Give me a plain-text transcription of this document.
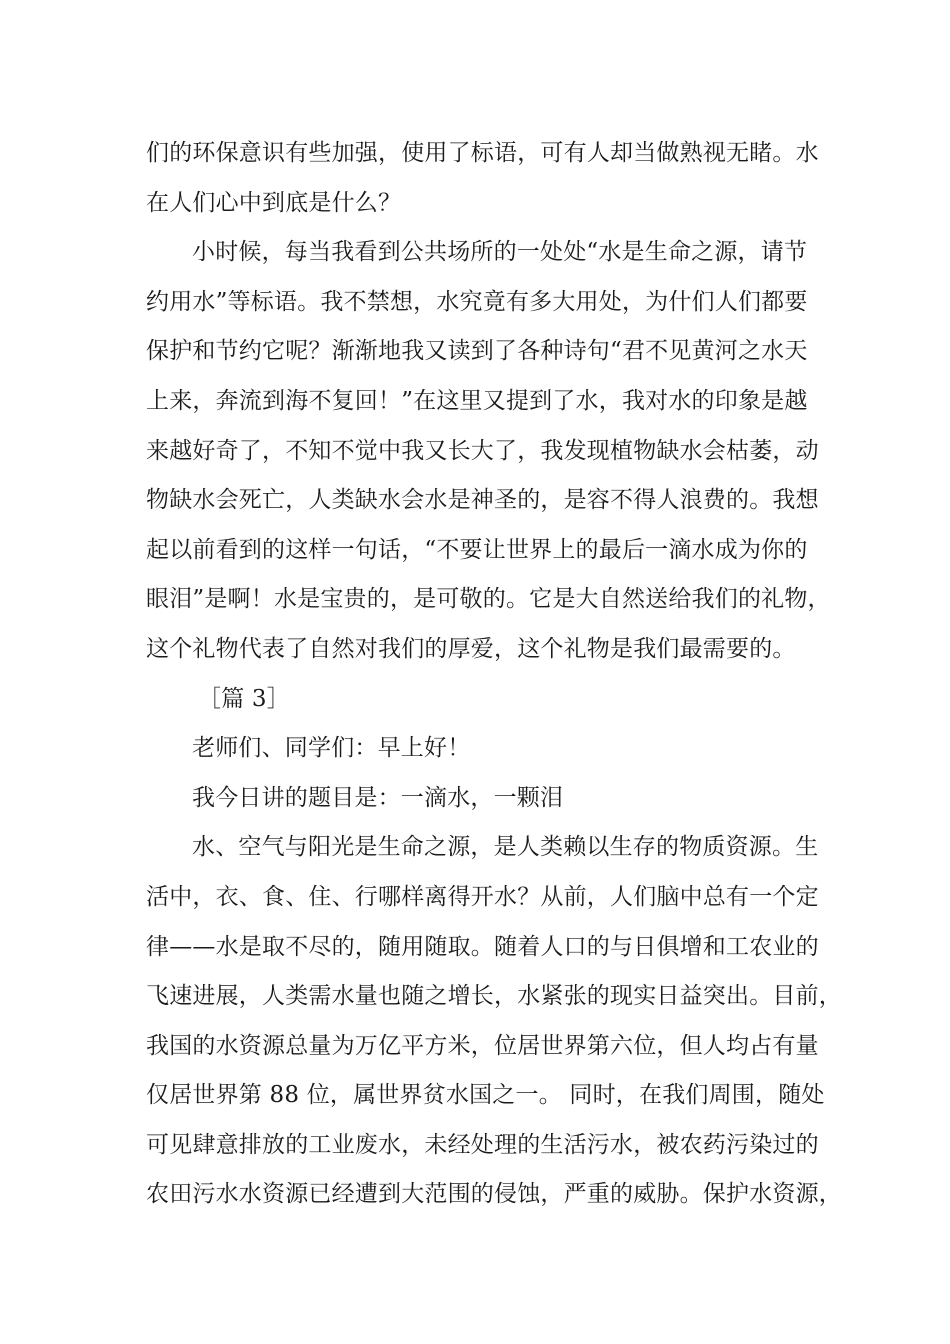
们的环保意识有些加强，使用了标语，可有人却当做熟视无睹。水
在人们心中到底是什么？
小时候，每当我看到公共场所的一处处“水是生命之源，请节
约用水”等标语。我不禁想，水究竟有多大用处，为什们人们都要
保护和节约它呢？渐渐地我又读到了各种诗句“君不见黄河之水天
上来，奔流到海不复回！”在这里又提到了水，我对水的印象是越
来越好奇了，不知不觉中我又长大了，我发现植物缺水会枯萎，动
物缺水会死亡，人类缺水会水是神圣的，是容不得人浪费的。我想
起以前看到的这样一句话，“不要让世界上的最后一滴水成为你的
眼泪”是啊！水是宝贵的，是可敬的。它是大自然送给我们的礼物，
这个礼物代表了自然对我们的厚爱，这个礼物是我们最需要的。
［篇 3］
老师们、同学们：早上好！
我今日讲的题目是：一滴水，一颗泪
水、空气与阳光是生命之源，是人类赖以生存的物质资源。生
活中，衣、食、住、行哪样离得开水？从前，人们脑中总有一个定
律——水是取不尽的，随用随取。随着人口的与日俱增和工农业的
飞速进展，人类需水量也随之增长，水紧张的现实日益突出。目前，
我国的水资源总量为万亿平方米，位居世界第六位，但人均占有量
仅居世界第 88 位，属世界贫水国之一。 同时，在我们周围，随处
可见肆意排放的工业废水，未经处理的生活污水，被农药污染过的
农田污水水资源已经遭到大范围的侵蚀，严重的威胁。保护水资源，
